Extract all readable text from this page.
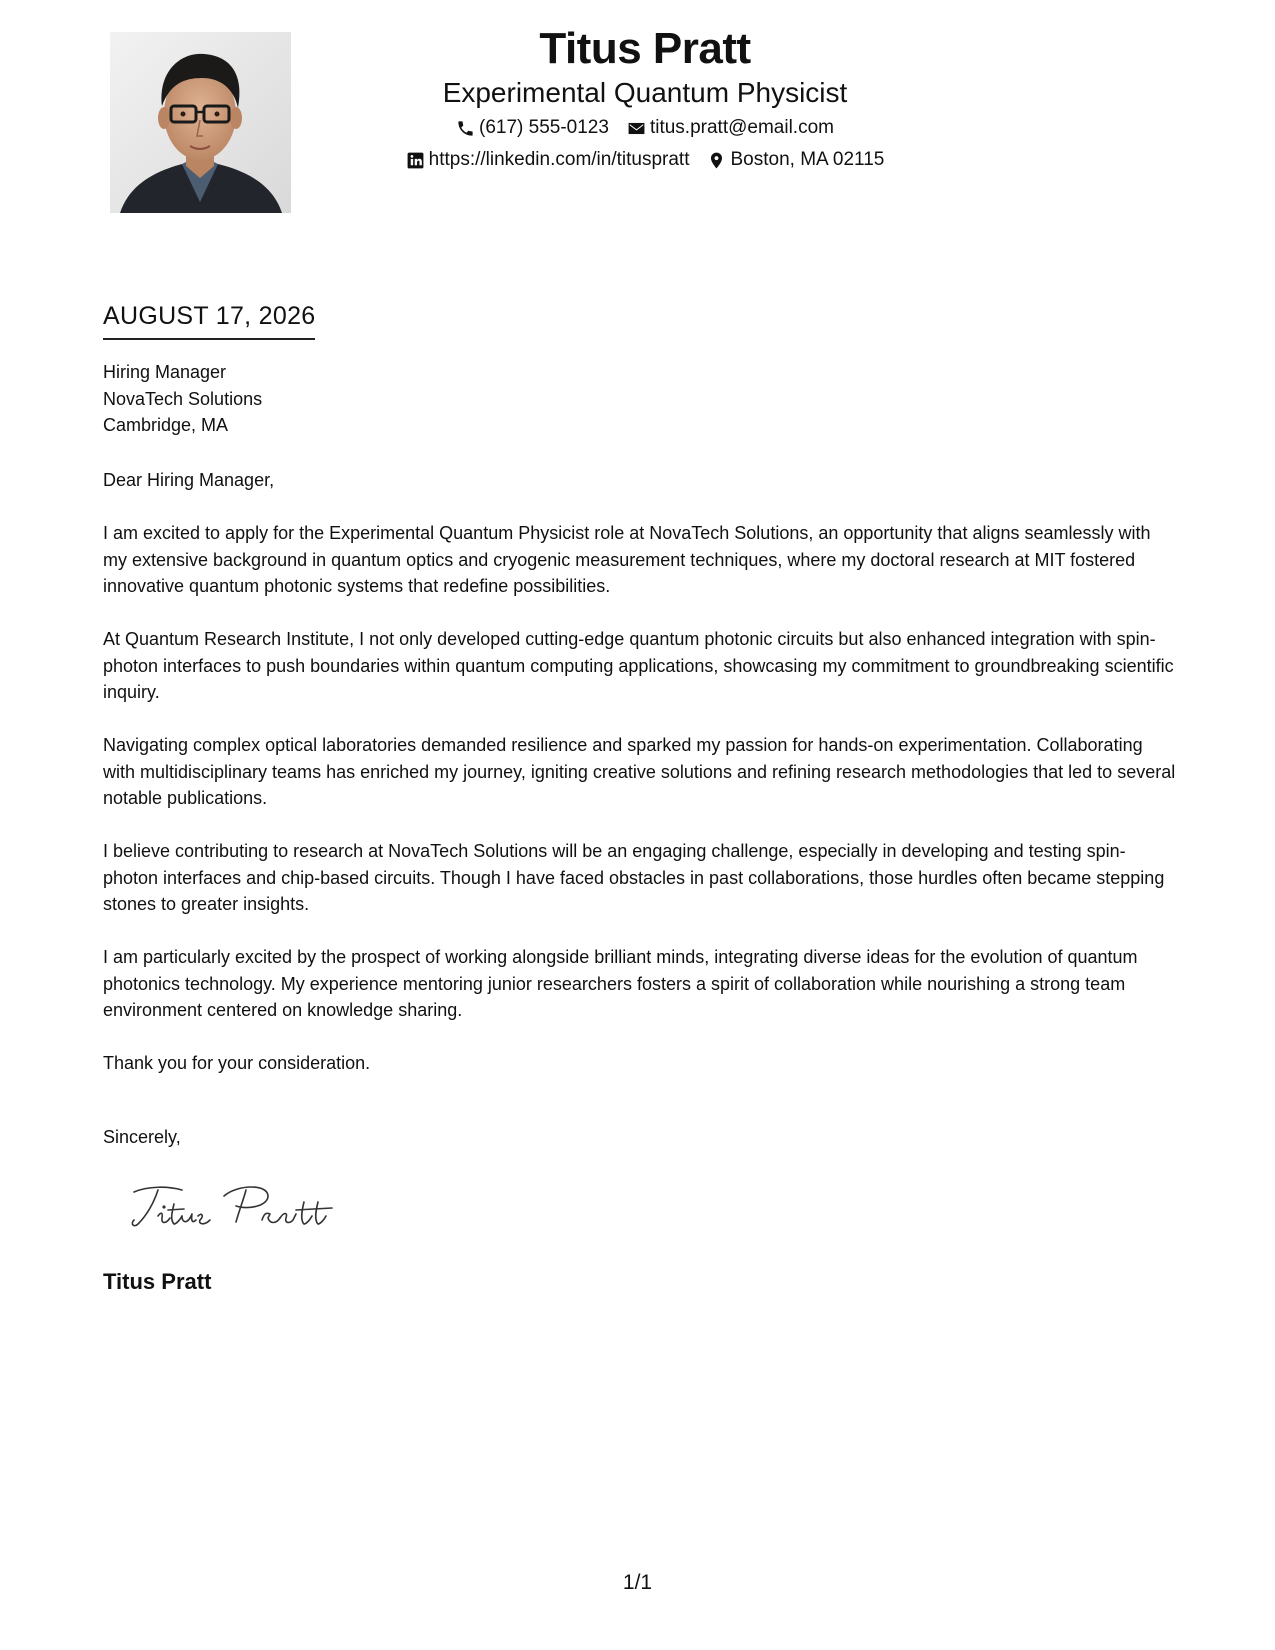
Titus Pratt
Experimental Quantum Physicist
(617) 555-0123 titus.pratt@email.com
https://linkedin.com/in/tituspratt Boston, MA 02115
AUGUST 17, 2026
Hiring Manager
NovaTech Solutions
Cambridge, MA

Dear Hiring Manager,

I am excited to apply for the Experimental Quantum Physicist role at NovaTech Solutions, an opportunity that aligns seamlessly with my extensive background in quantum optics and cryogenic measurement techniques, where my doctoral research at MIT fostered innovative quantum photonic systems that redefine possibilities.

At Quantum Research Institute, I not only developed cutting-edge quantum photonic circuits but also enhanced integration with spin-photon interfaces to push boundaries within quantum computing applications, showcasing my commitment to groundbreaking scientific inquiry.

Navigating complex optical laboratories demanded resilience and sparked my passion for hands-on experimentation. Collaborating with multidisciplinary teams has enriched my journey, igniting creative solutions and refining research methodologies that led to several notable publications.

I believe contributing to research at NovaTech Solutions will be an engaging challenge, especially in developing and testing spin-photon interfaces and chip-based circuits. Though I have faced obstacles in past collaborations, those hurdles often became stepping stones to greater insights.

I am particularly excited by the prospect of working alongside brilliant minds, integrating diverse ideas for the evolution of quantum photonics technology. My experience mentoring junior researchers fosters a spirit of collaboration while nourishing a strong team environment centered on knowledge sharing.

Thank you for your consideration.

Sincerely,
Titus Pratt
1/1
